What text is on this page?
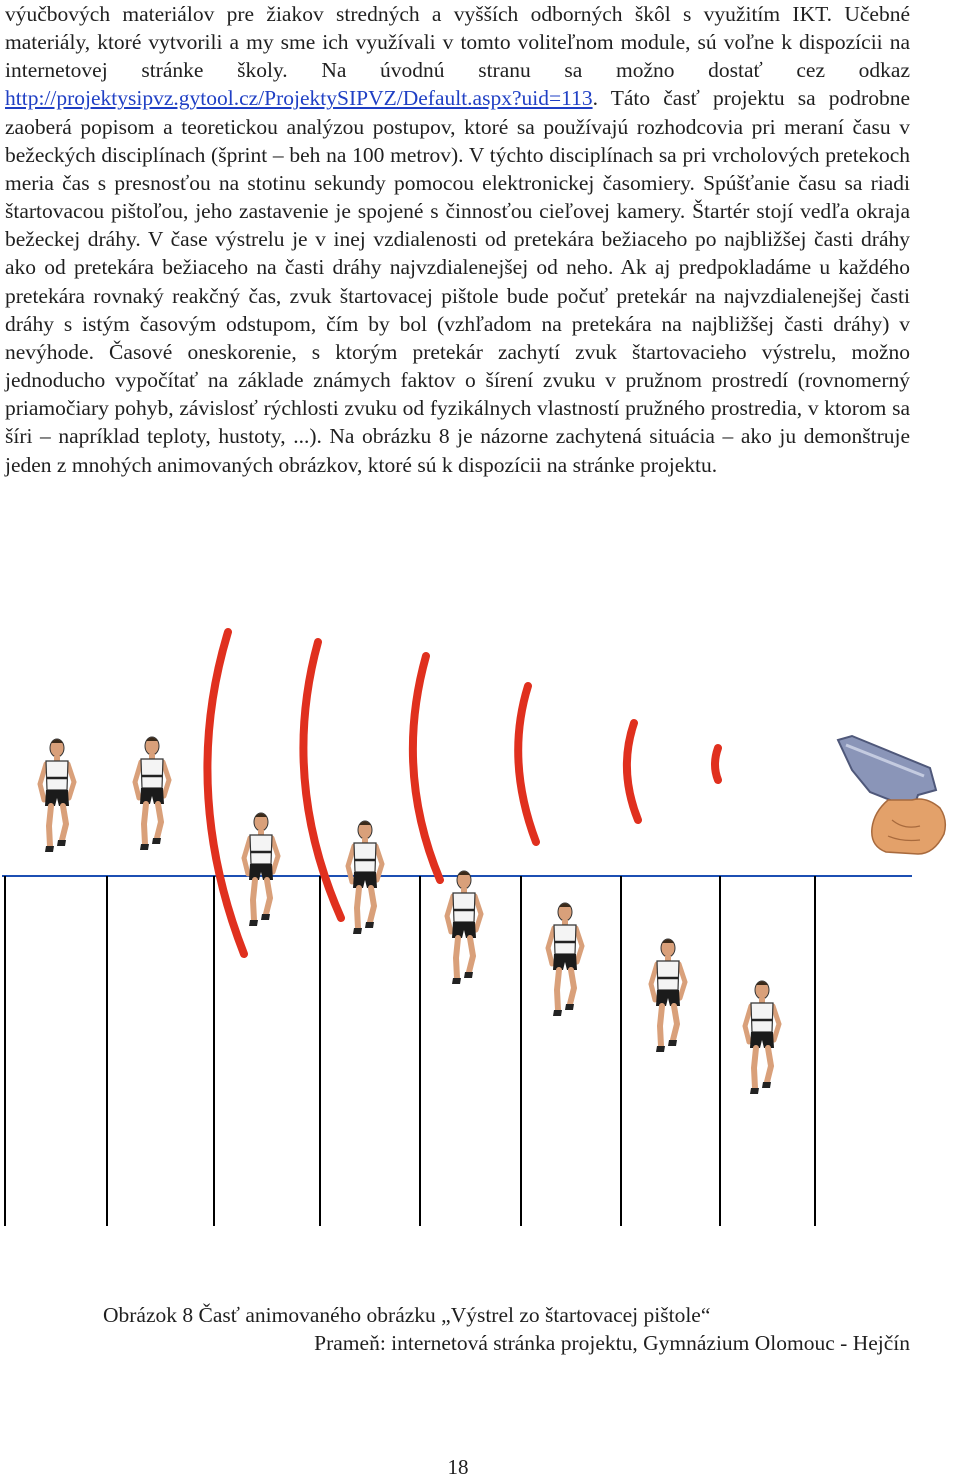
výučbových materiálov pre žiakov stredných a vyšších odborných škôl s využitím IKT. Učebné materiály, ktoré vytvorili a my sme ich využívali v tomto voliteľnom module, sú voľne k dispozícii na internetovej stránke školy. Na úvodnú stranu sa možno dostať cez odkaz http://projektysipvz.gytool.cz/ProjektySIPVZ/Default.aspx?uid=113. Táto časť projektu sa podrobne zaoberá popisom a teoretickou analýzou postupov, ktoré sa používajú rozhodcovia pri meraní času v bežeckých disciplínach (šprint – beh na 100 metrov). V týchto disciplínach sa pri vrcholových pretekoch meria čas s presnosťou na stotinu sekundy pomocou elektronickej časomiery. Spúšťanie času sa riadi štartovacou pištoľou, jeho zastavenie je spojené s činnosťou cieľovej kamery. Štartér stojí vedľa okraja bežeckej dráhy. V čase výstrelu je v inej vzdialenosti od pretekára bežiaceho po najbližšej časti dráhy ako od pretekára bežiaceho na časti dráhy najvzdialenejšej od neho. Ak aj predpokladáme u každého pretekára rovnaký reakčný čas, zvuk štartovacej pištole bude počuť pretekár na najvzdialenejšej časti dráhy s istým časovým odstupom, čím by bol (vzhľadom na pretekára na najbližšej časti dráhy) v nevýhode. Časové oneskorenie, s ktorým pretekár zachytí zvuk štartovacieho výstrelu, možno jednoducho vypočítať na základe známych faktov o šírení zvuku v pružnom prostredí (rovnomerný priamočiary pohyb, závislosť rýchlosti zvuku od fyzikálnych vlastností pružného prostredia, v ktorom sa šíri – napríklad teploty, hustoty, ...). Na obrázku 8 je názorne zachytená situácia – ako ju demonštruje jeden z mnohých animovaných obrázkov, ktoré sú k dispozícii na stránke projektu.

Obrázok 8 Časť animovaného obrázku „Výstrel zo štartovacej pištole“
Prameň: internetová stránka projektu, Gymnázium Olomouc - Hejčín
18
